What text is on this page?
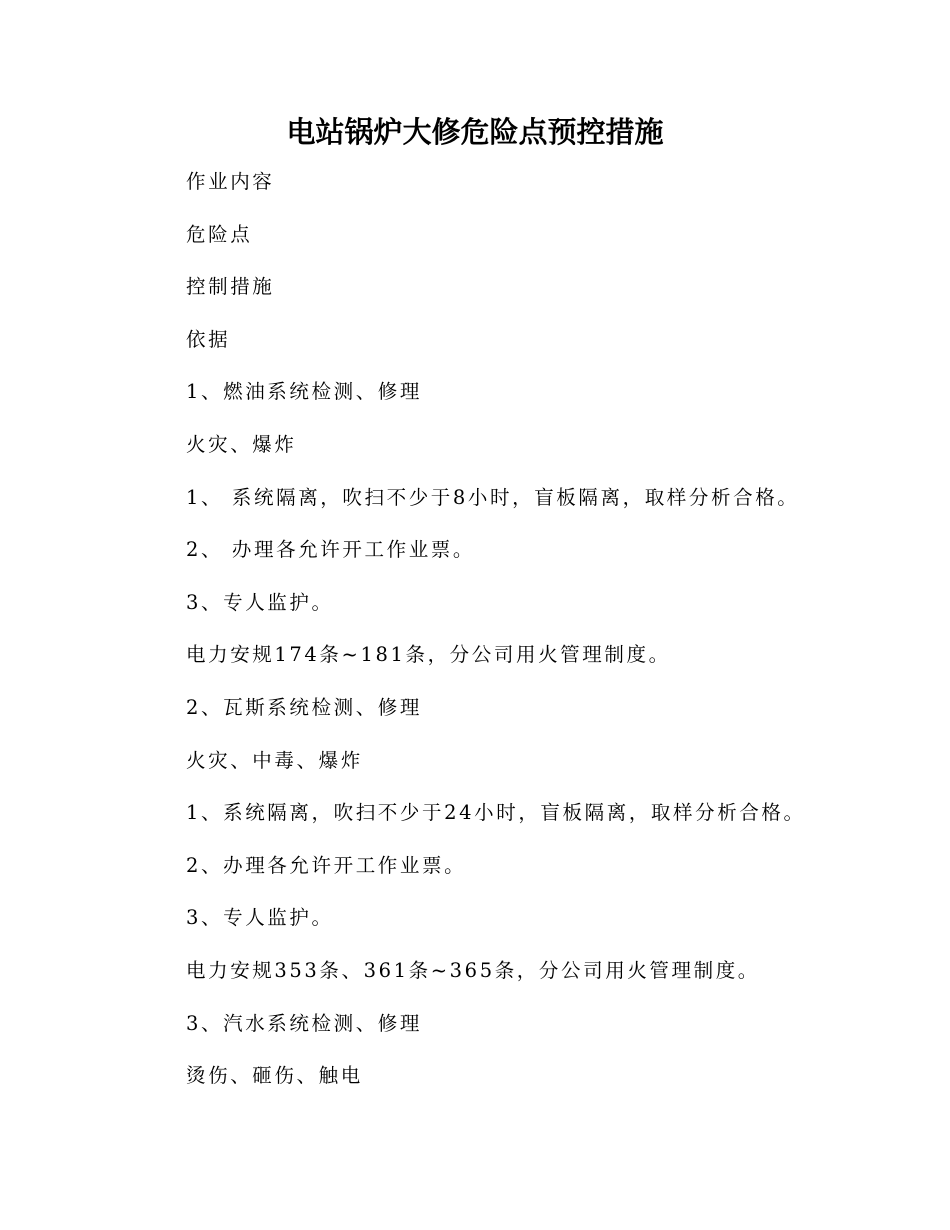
电站锅炉大修危险点预控措施
作业内容
危险点
控制措施
依据
1、燃油系统检测、修理
火灾、爆炸
1、 系统隔离，吹扫不少于8小时，盲板隔离，取样分析合格。
2、 办理各允许开工作业票。
3、专人监护。
电力安规174条~181条，分公司用火管理制度。
2、瓦斯系统检测、修理
火灾、中毒、爆炸
1、系统隔离，吹扫不少于24小时，盲板隔离，取样分析合格。
2、办理各允许开工作业票。
3、专人监护。
电力安规353条、361条~365条，分公司用火管理制度。
3、汽水系统检测、修理
烫伤、砸伤、触电
